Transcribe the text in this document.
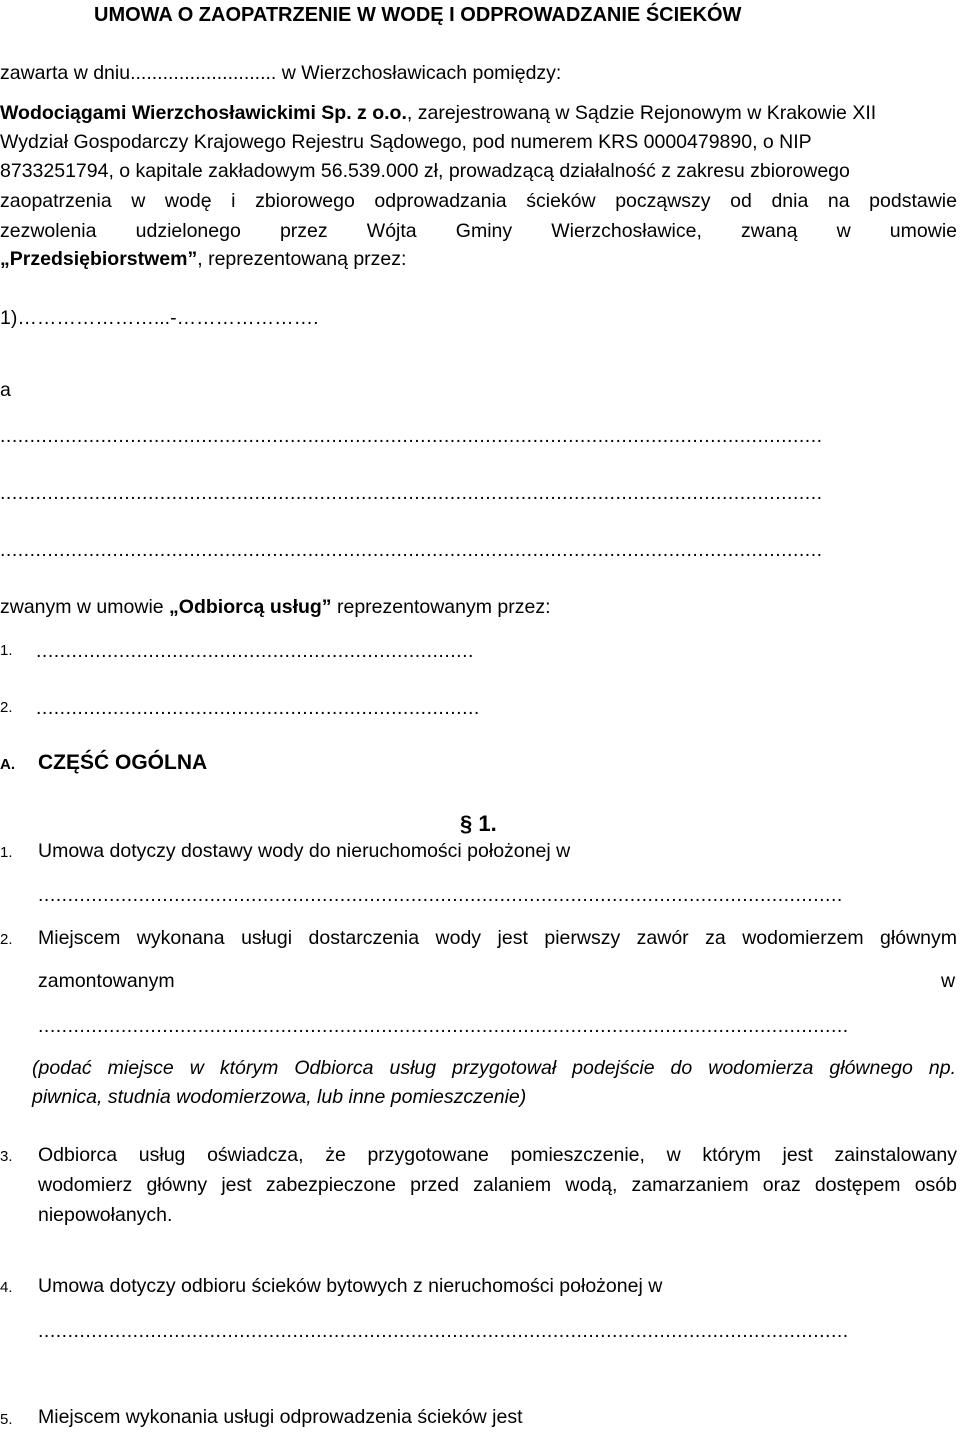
UMOWA O ZAOPATRZENIE W WODĘ I ODPROWADZANIE ŚCIEKÓW
zawarta w dniu........................... w Wierzchosławicach pomiędzy:
Wodociągami Wierzchosławickimi Sp. z o.o., zarejestrowaną w Sądzie Rejonowym w Krakowie XII
Wydział Gospodarczy Krajowego Rejestru Sądowego, pod numerem KRS 0000479890, o NIP
8733251794, o kapitale zakładowym 56.539.000 zł, prowadzącą działalność z zakresu zbiorowego
zaopatrzenia w wodę i zbiorowego odprowadzania ścieków począwszy od dnia na podstawie
zezwolenia udzielonego przez Wójta Gminy Wierzchosławice, zwaną w umowie
„Przedsiębiorstwem”, reprezentowaną przez:
1)…………………...-………………….
a
...........................................................................................................................................
...........................................................................................................................................
...........................................................................................................................................
zwanym w umowie „Odbiorcą usług” reprezentowanym przez:
1. ..........................................................................
2. ...........................................................................
A. CZĘŚĆ OGÓLNA
§ 1.
1. Umowa dotyczy dostawy wody do nieruchomości położonej w
........................................................................................................................................
2. Miejscem wykonana usługi dostarczenia wody jest pierwszy zawór za wodomierzem głównym
zamontowanym	w
.........................................................................................................................................
(podać miejsce w którym Odbiorca usług przygotował podejście do wodomierza głównego np.
piwnica, studnia wodomierzowa, lub inne pomieszczenie)
3. Odbiorca usług oświadcza, że przygotowane pomieszczenie, w którym jest zainstalowany
wodomierz główny jest zabezpieczone przed zalaniem wodą, zamarzaniem oraz dostępem osób
niepowołanych.
4. Umowa dotyczy odbioru ścieków bytowych z nieruchomości położonej w
.........................................................................................................................................
5. Miejscem wykonania usługi odprowadzenia ścieków jest
